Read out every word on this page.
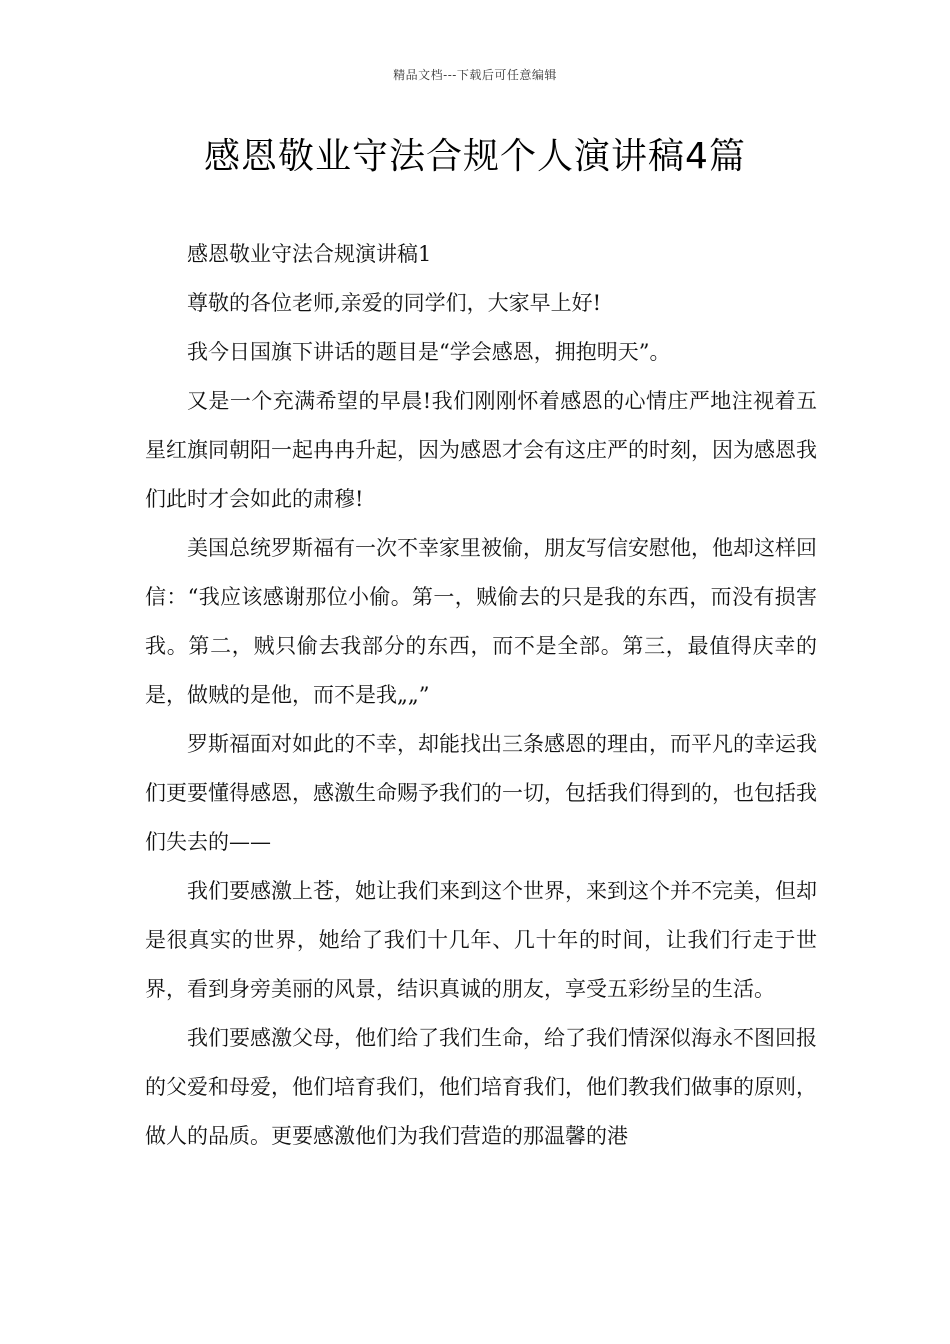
精品文档---下载后可任意编辑
感恩敬业守法合规个人演讲稿4篇

感恩敬业守法合规演讲稿1

尊敬的各位老师,亲爱的同学们，大家早上好!

我今日国旗下讲话的题目是“学会感恩，拥抱明天”。

又是一个充满希望的早晨!我们刚刚怀着感恩的心情庄严地注视着五星红旗同朝阳一起冉冉升起，因为感恩才会有这庄严的时刻，因为感恩我们此时才会如此的肃穆!

美国总统罗斯福有一次不幸家里被偷，朋友写信安慰他，他却这样回信：“我应该感谢那位小偷。第一，贼偷去的只是我的东西，而没有损害我。第二，贼只偷去我部分的东西，而不是全部。第三，最值得庆幸的是，做贼的是他，而不是我„„”

罗斯福面对如此的不幸，却能找出三条感恩的理由，而平凡的幸运我们更要懂得感恩，感激生命赐予我们的一切，包括我们得到的，也包括我们失去的——

我们要感激上苍，她让我们来到这个世界，来到这个并不完美，但却是很真实的世界，她给了我们十几年、几十年的时间，让我们行走于世界，看到身旁美丽的风景，结识真诚的朋友，享受五彩纷呈的生活。

我们要感激父母，他们给了我们生命，给了我们情深似海永不图回报的父爱和母爱，他们培育我们，他们培育我们，他们教我们做事的原则，做人的品质。更要感激他们为我们营造的那温馨的港
